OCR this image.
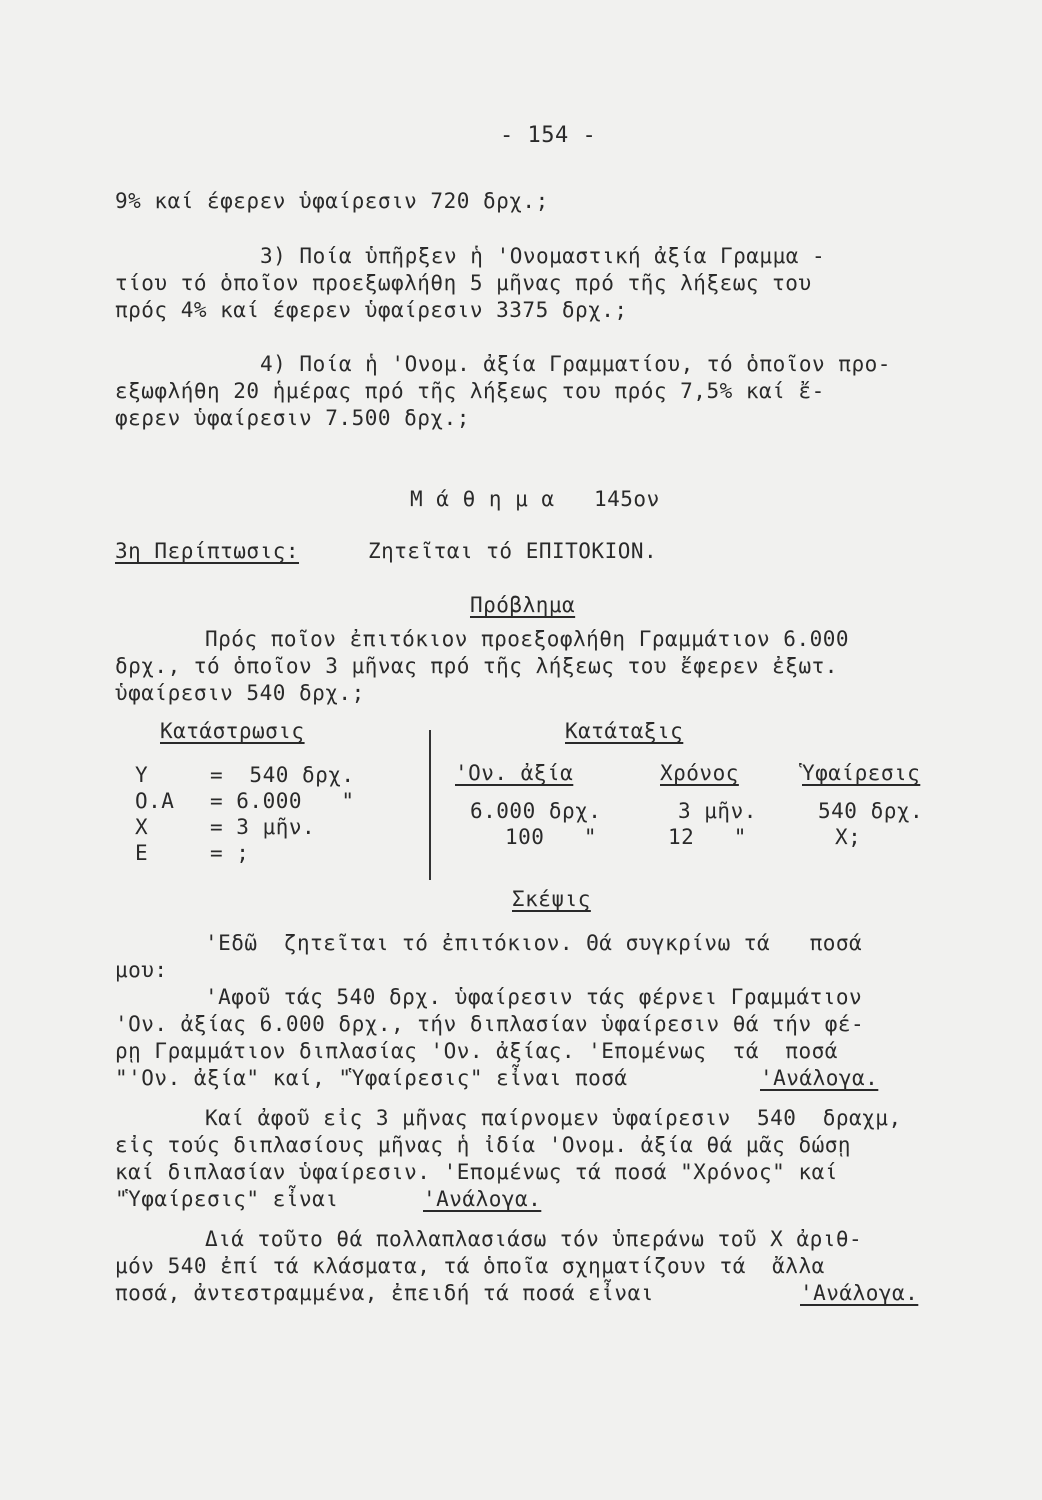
- 154 -
9% καί έφερεν ὑφαίρεσιν 720 δρχ.;
3) Ποία ὑπῆρξεν ἡ 'Ονομαστική ἀξία Γραμμα -
τίου τό ὁποῖον προεξωφλήθη 5 μῆνας πρό τῆς λήξεως του
πρός 4% καί έφερεν ὑφαίρεσιν 3375 δρχ.;
4) Ποία ἡ 'Ονομ. ἀξία Γραμματίου, τό ὁποῖον προ-
εξωφλήθη 20 ἡμέρας πρό τῆς λήξεως του πρός 7,5% καί ἔ-
φερεν ὑφαίρεσιν 7.500 δρχ.;
Μ ά θ η μ α   145ον
3η Περίπτωσις:	Ζητεῖται τό ΕΠΙΤΟΚΙΟΝ.
Πρόβλημα
Πρός ποῖον ἐπιτόκιον προεξοφλήθη Γραμμάτιον 6.000
δρχ., τό ὁποῖον 3 μῆνας πρό τῆς λήξεως του ἔφερεν ἐξωτ.
ὑφαίρεσιν 540 δρχ.;
Κατάστρωσις
Υ	=  540 δρχ.
Ο.Α = 6.000   "
Χ	= 3 μῆν.
Ε	= ;
Κατάταξις
'Ον. ἀξία	Χρόνος	Ὑφαίρεσις
6.000 δρχ.	3 μῆν.	540 δρχ.
100   "	12   "	Χ;
Σκέψις
'Εδῶ  ζητεῖται τό ἐπιτόκιον. Θά συγκρίνω τά   ποσά
μου:
'Αφοῦ τάς 540 δρχ. ὑφαίρεσιν τάς φέρνει Γραμμάτιον
'Ον. ἀξίας 6.000 δρχ., τήν διπλασίαν ὑφαίρεσιν θά τήν φέ-
ρῃ Γραμμάτιον διπλασίας 'Ον. ἀξίας. 'Επομένως  τά  ποσά
"'Ον. ἀξία" καί, "Ὑφαίρεσις" εἶναι ποσά	'Ανάλογα.
Καί ἀφοῦ εἰς 3 μῆνας παίρνομεν ὑφαίρεσιν  540  δραχμ,
εἰς τούς διπλασίους μῆνας ἡ ἰδία 'Ονομ. ἀξία θά μᾶς δώσῃ
καί διπλασίαν ὑφαίρεσιν. 'Επομένως τά ποσά "Χρόνος" καί
"Ὑφαίρεσις" εἶναι	'Ανάλογα.
Διά τοῦτο θά πολλαπλασιάσω τόν ὑπεράνω τοῦ Χ ἀριθ-
μόν 540 ἐπί τά κλάσματα, τά ὁποῖα σχηματίζουν τά  ἄλλα
ποσά, ἀντεστραμμένα, ἐπειδή τά ποσά εἶναι	'Ανάλογα.
